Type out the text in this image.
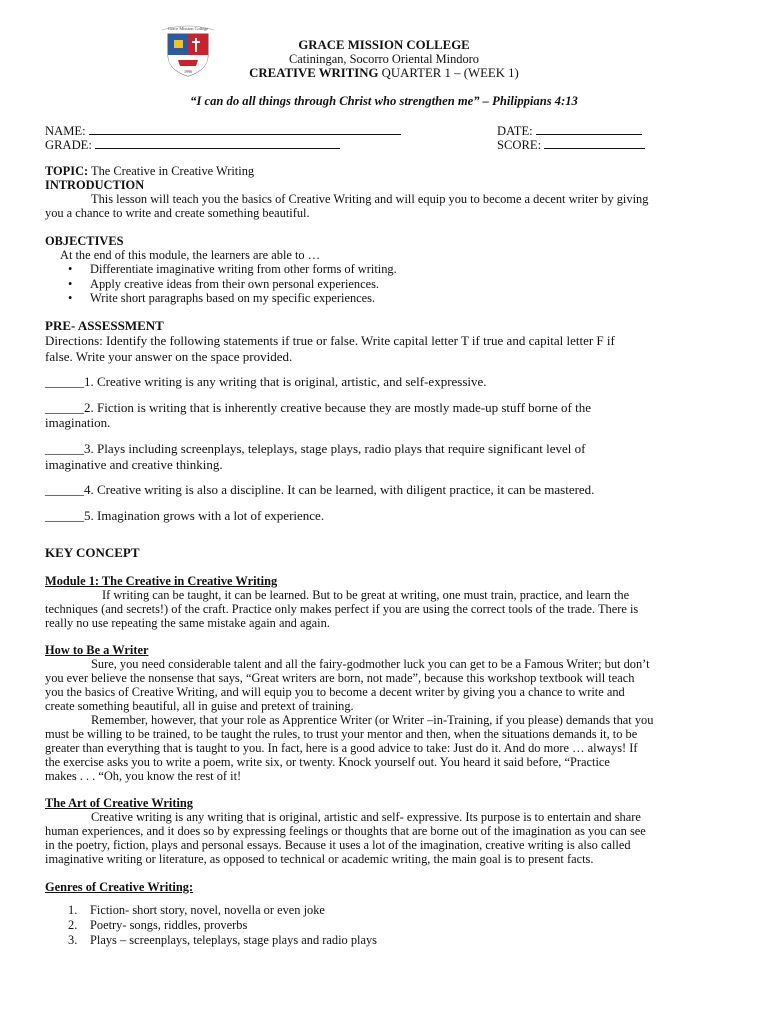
Grace Mission College
1996
GRACE MISSION COLLEGE
Catiningan, Socorro Oriental Mindoro
CREATIVE WRITING QUARTER 1 – (WEEK 1)
“I can do all things through Christ who strengthen me” – Philippians 4:13
NAME:	DATE:
GRADE:	SCORE:
TOPIC: The Creative in Creative Writing
INTRODUCTION
This lesson will teach you the basics of Creative Writing and will equip you to become a decent writer by giving
you a chance to write and create something beautiful.
OBJECTIVES
At the end of this module, the learners are able to …
• Differentiate imaginative writing from other forms of writing.
• Apply creative ideas from their own personal experiences.
• Write short paragraphs based on my specific experiences.
PRE- ASSESSMENT
Directions: Identify the following statements if true or false. Write capital letter T if true and capital letter F if
false. Write your answer on the space provided.
______1. Creative writing is any writing that is original, artistic, and self-expressive.
______2. Fiction is writing that is inherently creative because they are mostly made-up stuff borne of the
imagination.
______3. Plays including screenplays, teleplays, stage plays, radio plays that require significant level of
imaginative and creative thinking.
______4. Creative writing is also a discipline. It can be learned, with diligent practice, it can be mastered.
______5. Imagination grows with a lot of experience.
KEY CONCEPT
Module 1: The Creative in Creative Writing
If writing can be taught, it can be learned. But to be great at writing, one must train, practice, and learn the
techniques (and secrets!) of the craft. Practice only makes perfect if you are using the correct tools of the trade. There is
really no use repeating the same mistake again and again.
How to Be a Writer
Sure, you need considerable talent and all the fairy-godmother luck you can get to be a Famous Writer; but don’t
you ever believe the nonsense that says, “Great writers are born, not made”, because this workshop textbook will teach
you the basics of Creative Writing, and will equip you to become a decent writer by giving you a chance to write and
create something beautiful, all in guise and pretext of training.
Remember, however, that your role as Apprentice Writer (or Writer –in-Training, if you please) demands that you
must be willing to be trained, to be taught the rules, to trust your mentor and then, when the situations demands it, to be
greater than everything that is taught to you. In fact, here is a good advice to take: Just do it. And do more … always! If
the exercise asks you to write a poem, write six, or twenty. Knock yourself out. You heard it said before, “Practice
makes . . . “Oh, you know the rest of it!
The Art of Creative Writing
Creative writing is any writing that is original, artistic and self- expressive. Its purpose is to entertain and share
human experiences, and it does so by expressing feelings or thoughts that are borne out of the imagination as you can see
in the poetry, fiction, plays and personal essays. Because it uses a lot of the imagination, creative writing is also called
imaginative writing or literature, as opposed to technical or academic writing, the main goal is to present facts.
Genres of Creative Writing:
1. Fiction- short story, novel, novella or even joke
2. Poetry- songs, riddles, proverbs
3. Plays – screenplays, teleplays, stage plays and radio plays
